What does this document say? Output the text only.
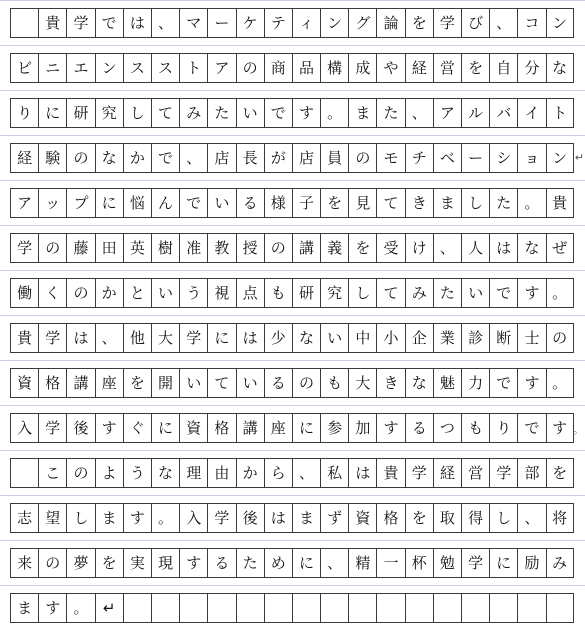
貴 学 で は 、 マ ー ケ テ ィ ン グ 論 を 学 び 、 コ ン
ビ ニ エ ン ス ス ト ア の 商 品 構 成 や 経 営 を 自 分 な
り に 研 究 し て み た い で す 。 ま た 、 ア ル バ イ ト
経 験 の な か で 、 店 長 が 店 員 の モ チ ベ ー シ ョ ン ↵
ア ッ プ に 悩 ん で い る 様 子 を 見 て き ま し た 。 貴
学 の 藤 田 英 樹 准 教 授 の 講 義 を 受 け 、 人 は な ぜ
働 く の か と い う 視 点 も 研 究 し て み た い で す 。
貴 学 は 、 他 大 学 に は 少 な い 中 小 企 業 診 断 士 の
資 格 講 座 を 開 い て い る の も 大 き な 魅 力 で す 。
入 学 後 す ぐ に 資 格 講 座 に 参 加 す る つ も り で す 。
こ の よ う な 理 由 か ら 、 私 は 貴 学 経 営 学 部 を
志 望 し ま す 。 入 学 後 は ま ず 資 格 を 取 得 し 、 将
来 の 夢 を 実 現 す る た め に 、 精 一 杯 勉 学 に 励 み
ま す 。 ↵
